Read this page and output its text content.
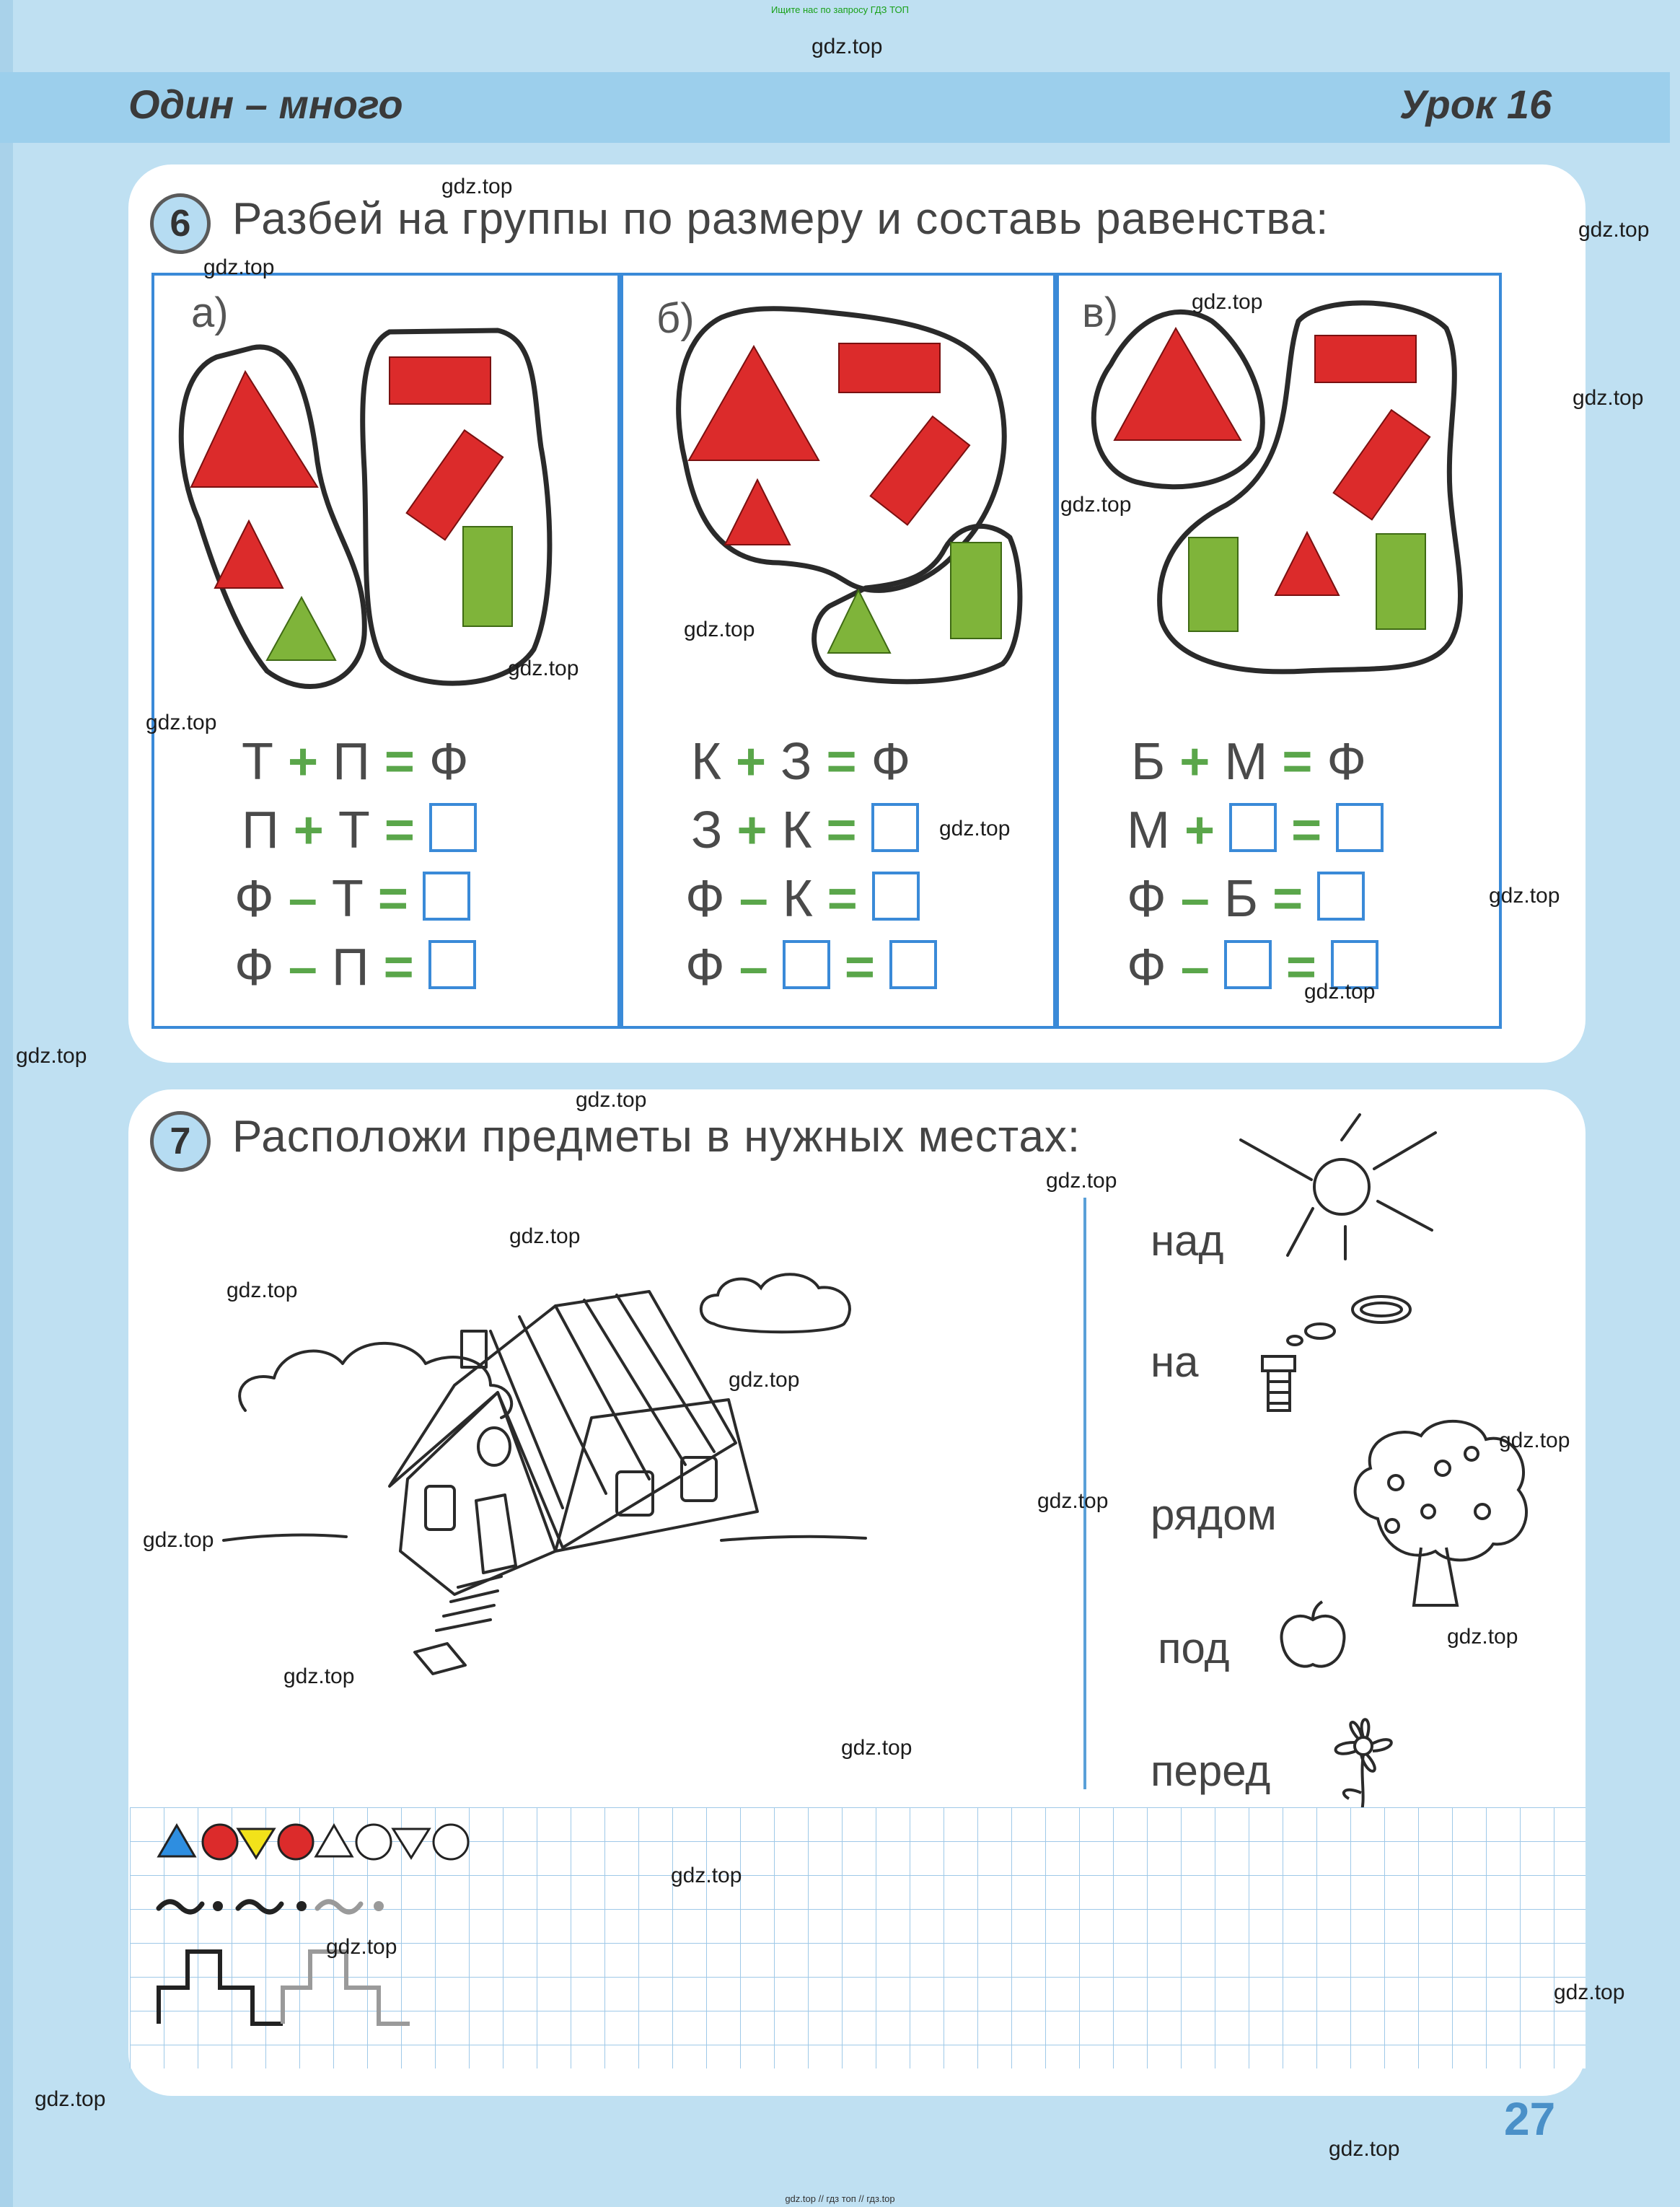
Ищите нас по запросу ГДЗ ТОП
gdz.top // гдз топ // гдз.top
Один – много	Урок 16
6 Разбей на группы по размеру и составь равенства:
а)	б)	в)
Т + П = Ф
П + Т =
Ф – Т =
Ф – П =
К + З = Ф
З + К =
Ф – К =
Ф – =
Б + М = Ф
М + =
Ф – Б =
Ф – =
7 Расположи предметы в нужных местах:
над
на
рядом
под
перед
27
gdz.top
gdz.top
gdz.top
gdz.top
gdz.top
gdz.top
gdz.top
gdz.top
gdz.top
gdz.top
gdz.top
gdz.top
gdz.top
gdz.top
gdz.top
gdz.top
gdz.top
gdz.top
gdz.top
gdz.top
gdz.top
gdz.top
gdz.top
gdz.top
gdz.top
gdz.top
gdz.top
gdz.top
gdz.top
gdz.top
